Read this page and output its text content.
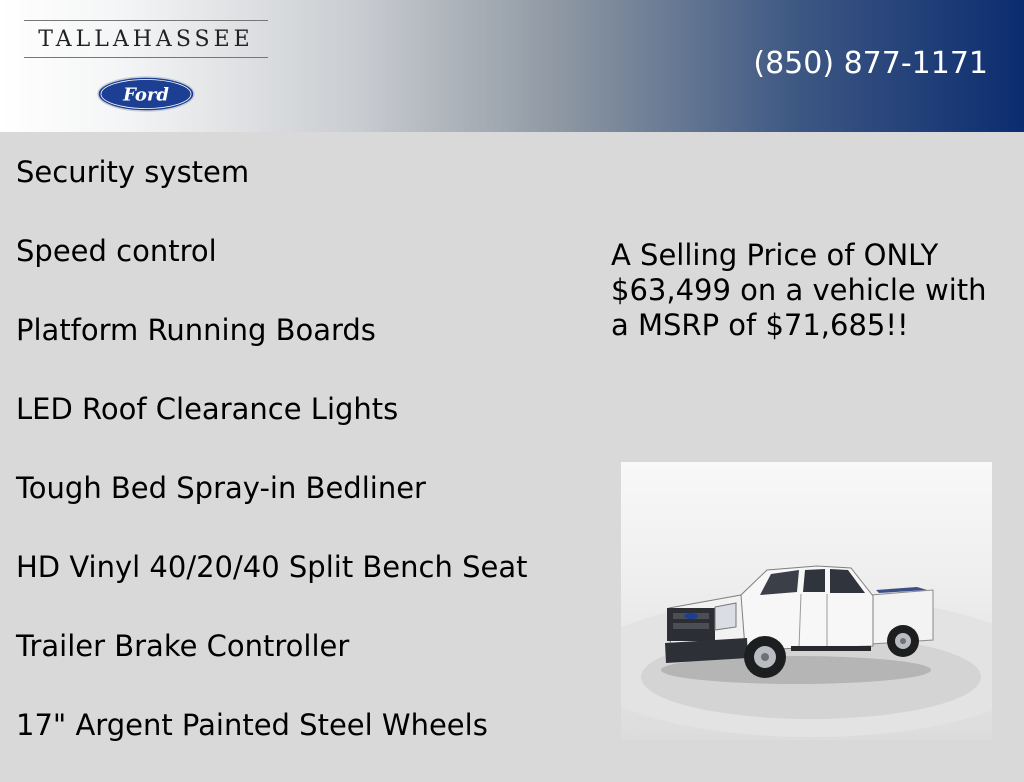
TALLAHASSEE
Ford
(850) 877-1171
Security system
Speed control
Platform Running Boards
LED Roof Clearance Lights
Tough Bed Spray-in Bedliner
HD Vinyl 40/20/40 Split Bench Seat
Trailer Brake Controller
17" Argent Painted Steel Wheels
A Selling Price of ONLY $63,499 on a vehicle with a MSRP of $71,685!!
